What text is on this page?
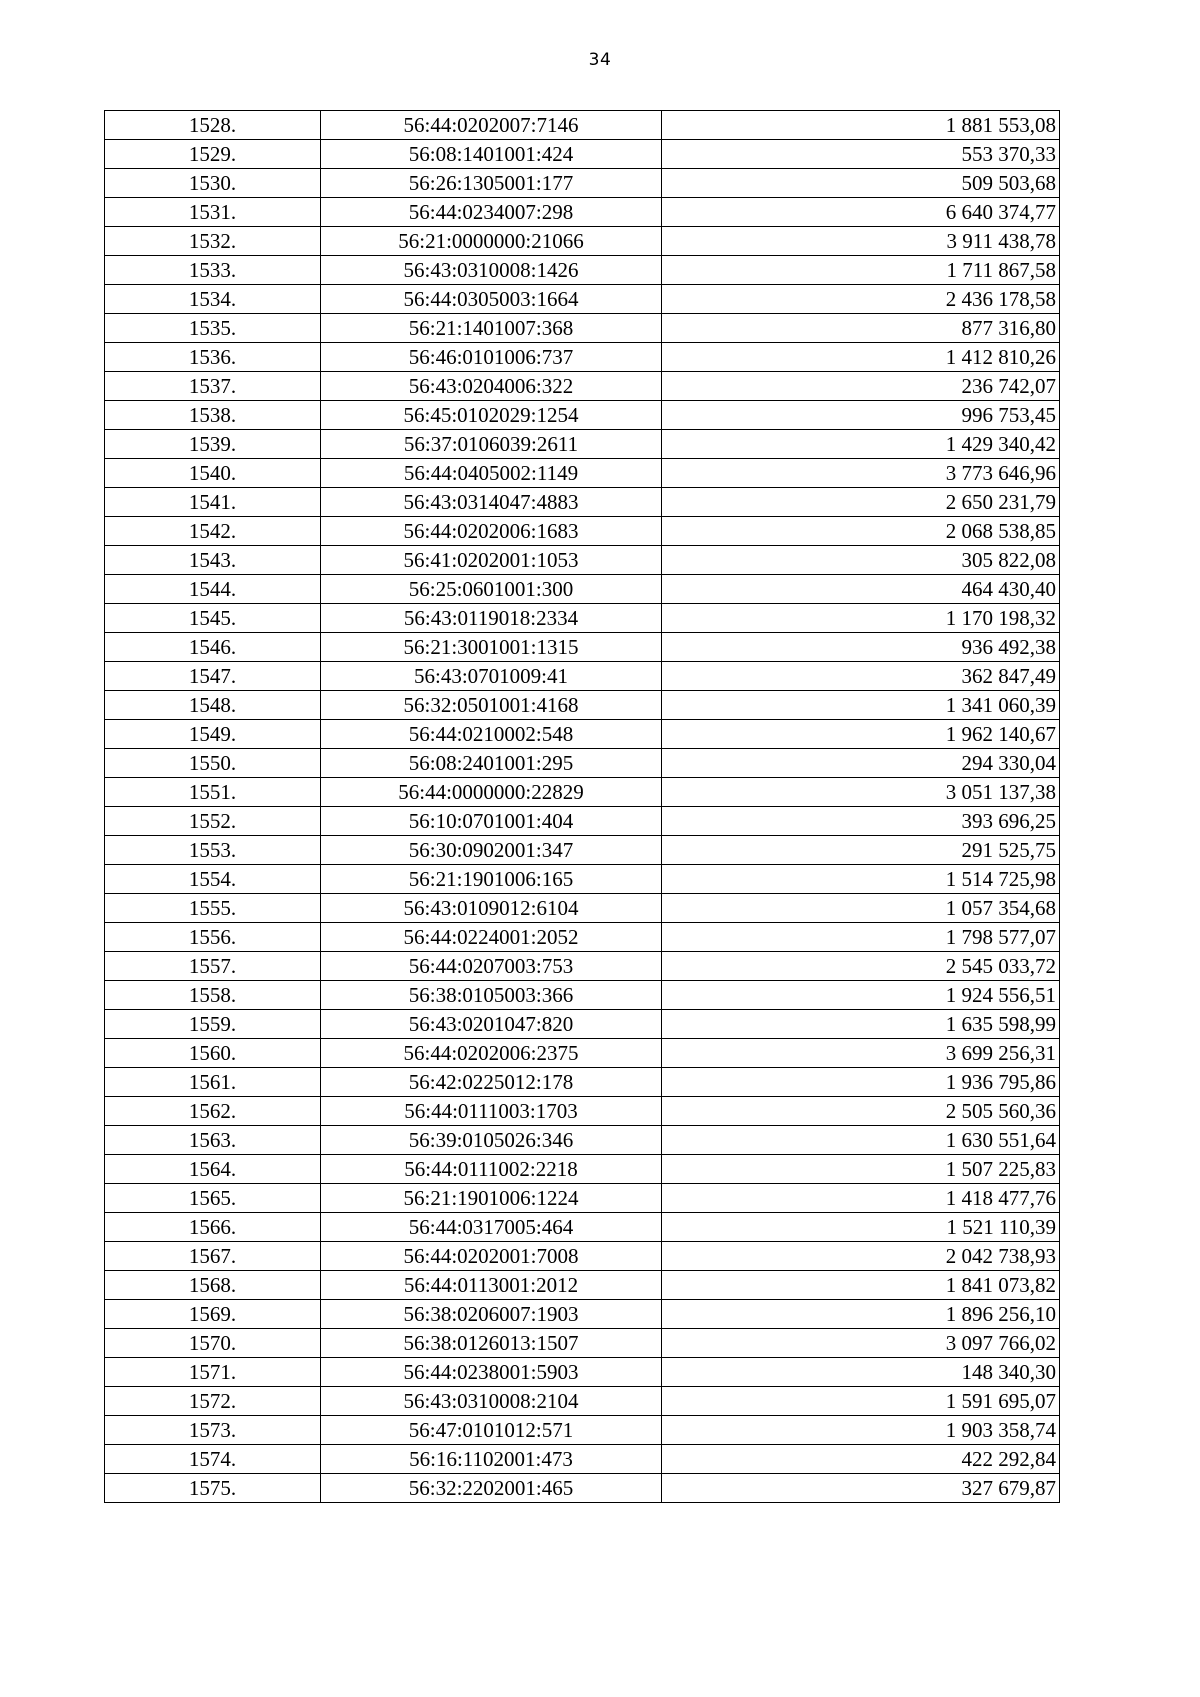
34
1528.	56:44:0202007:7146	1 881 553,08
1529.	56:08:1401001:424	553 370,33
1530.	56:26:1305001:177	509 503,68
1531.	56:44:0234007:298	6 640 374,77
1532.	56:21:0000000:21066	3 911 438,78
1533.	56:43:0310008:1426	1 711 867,58
1534.	56:44:0305003:1664	2 436 178,58
1535.	56:21:1401007:368	877 316,80
1536.	56:46:0101006:737	1 412 810,26
1537.	56:43:0204006:322	236 742,07
1538.	56:45:0102029:1254	996 753,45
1539.	56:37:0106039:2611	1 429 340,42
1540.	56:44:0405002:1149	3 773 646,96
1541.	56:43:0314047:4883	2 650 231,79
1542.	56:44:0202006:1683	2 068 538,85
1543.	56:41:0202001:1053	305 822,08
1544.	56:25:0601001:300	464 430,40
1545.	56:43:0119018:2334	1 170 198,32
1546.	56:21:3001001:1315	936 492,38
1547.	56:43:0701009:41	362 847,49
1548.	56:32:0501001:4168	1 341 060,39
1549.	56:44:0210002:548	1 962 140,67
1550.	56:08:2401001:295	294 330,04
1551.	56:44:0000000:22829	3 051 137,38
1552.	56:10:0701001:404	393 696,25
1553.	56:30:0902001:347	291 525,75
1554.	56:21:1901006:165	1 514 725,98
1555.	56:43:0109012:6104	1 057 354,68
1556.	56:44:0224001:2052	1 798 577,07
1557.	56:44:0207003:753	2 545 033,72
1558.	56:38:0105003:366	1 924 556,51
1559.	56:43:0201047:820	1 635 598,99
1560.	56:44:0202006:2375	3 699 256,31
1561.	56:42:0225012:178	1 936 795,86
1562.	56:44:0111003:1703	2 505 560,36
1563.	56:39:0105026:346	1 630 551,64
1564.	56:44:0111002:2218	1 507 225,83
1565.	56:21:1901006:1224	1 418 477,76
1566.	56:44:0317005:464	1 521 110,39
1567.	56:44:0202001:7008	2 042 738,93
1568.	56:44:0113001:2012	1 841 073,82
1569.	56:38:0206007:1903	1 896 256,10
1570.	56:38:0126013:1507	3 097 766,02
1571.	56:44:0238001:5903	148 340,30
1572.	56:43:0310008:2104	1 591 695,07
1573.	56:47:0101012:571	1 903 358,74
1574.	56:16:1102001:473	422 292,84
1575.	56:32:2202001:465	327 679,87
